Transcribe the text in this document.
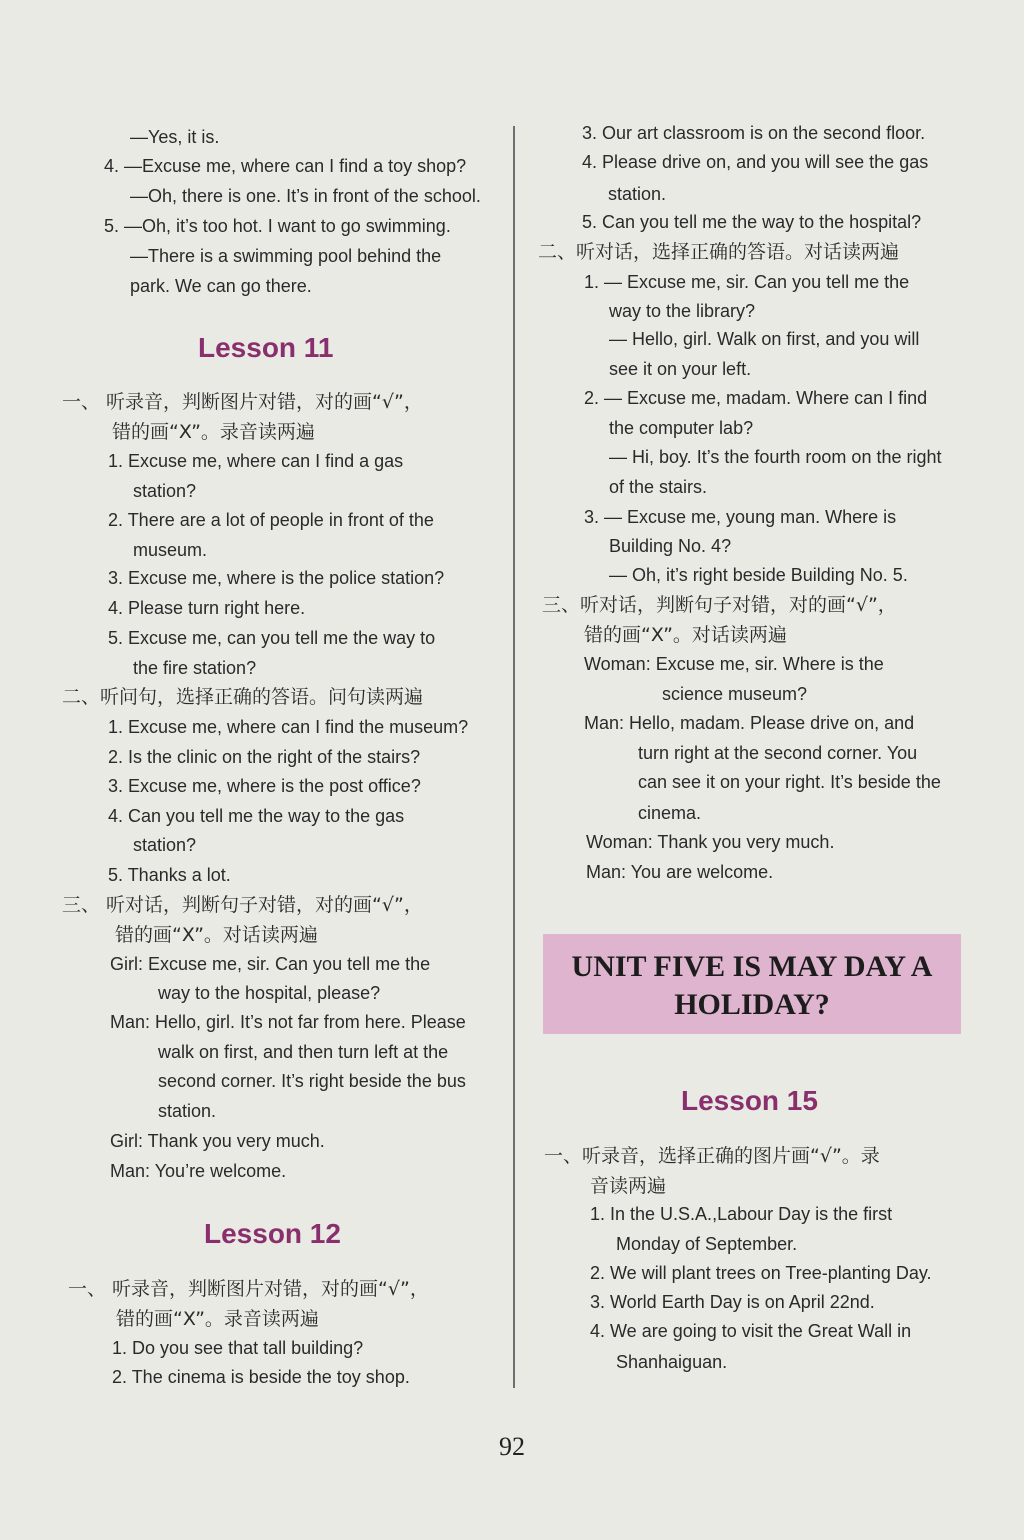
—Yes, it is.
4. —Excuse me, where can I find a toy shop?
—Oh, there is one. It’s in front of the school.
5. —Oh, it’s too hot. I want to go swimming.
—There is a swimming pool behind the
park. We can go there.
Lesson 11
一、 听录音，判断图片对错，对的画“√”，
错的画“X”。录音读两遍
1. Excuse me, where can I find a gas
station?
2. There are a lot of people in front of the
museum.
3. Excuse me, where is the police station?
4. Please turn right here.
5. Excuse me, can you tell me the way to
the fire station?
二、听问句，选择正确的答语。问句读两遍
1. Excuse me, where can I find the museum?
2. Is the clinic on the right of the stairs?
3. Excuse me, where is the post office?
4. Can you tell me the way to the gas
station?
5. Thanks a lot.
三、 听对话，判断句子对错，对的画“√”，
错的画“X”。对话读两遍
Girl: Excuse me, sir. Can you tell me the
way to the hospital, please?
Man: Hello, girl. It’s not far from here. Please
walk on first, and then turn left at the
second corner. It’s right beside the bus
station.
Girl: Thank you very much.
Man: You’re welcome.
Lesson 12
一、 听录音，判断图片对错，对的画“√”，
错的画“X”。录音读两遍
1. Do you see that tall building?
2. The cinema is beside the toy shop.
3. Our art classroom is on the second floor.
4. Please drive on, and you will see the gas
station.
5. Can you tell me the way to the hospital?
二、听对话，选择正确的答语。对话读两遍
1. — Excuse me, sir. Can you tell me the
way to the library?
— Hello, girl. Walk on first, and you will
see it on your left.
2. — Excuse me, madam. Where can I find
the computer lab?
— Hi, boy. It’s the fourth room on the right
of the stairs.
3. — Excuse me, young man. Where is
Building No. 4?
— Oh, it’s right beside Building No. 5.
三、听对话，判断句子对错，对的画“√”，
错的画“X”。对话读两遍
Woman: Excuse me, sir. Where is the
science museum?
Man: Hello, madam. Please drive on, and
turn right at the second corner. You
can see it on your right. It’s beside the
cinema.
Woman: Thank you very much.
Man: You are welcome.
UNIT FIVE IS MAY DAY A
HOLIDAY?
Lesson 15
一、听录音，选择正确的图片画“√”。录
音读两遍
1. In the U.S.A.,Labour Day is the first
Monday of September.
2. We will plant trees on Tree-planting Day.
3. World Earth Day is on April 22nd.
4. We are going to visit the Great Wall in
Shanhaiguan.
92
